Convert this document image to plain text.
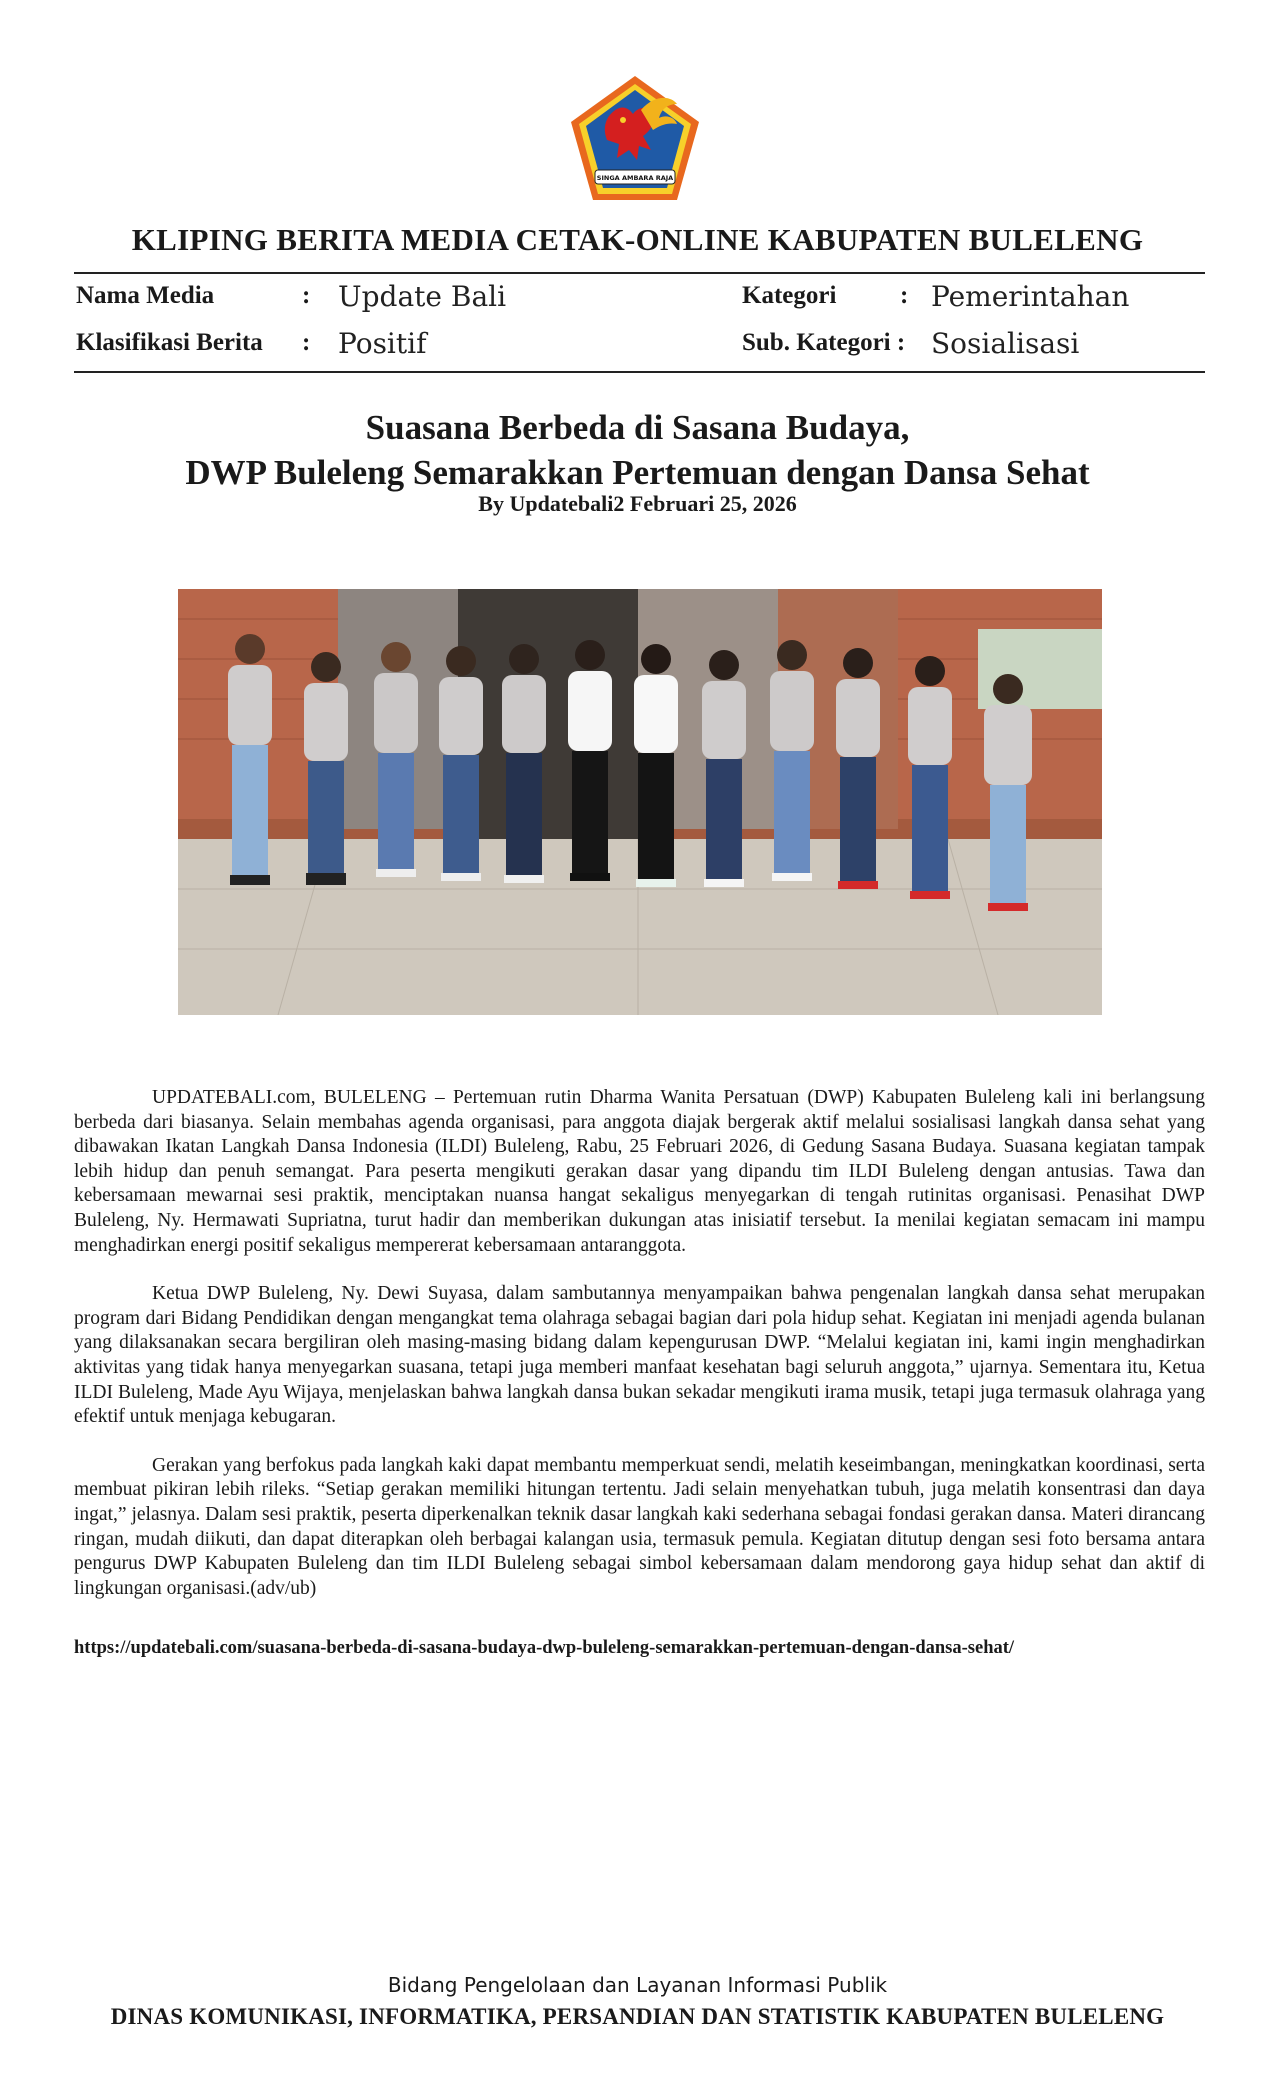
SINGA AMBARA RAJA
KLIPING BERITA MEDIA CETAK-ONLINE KABUPATEN BULELENG
Nama Media	: Update Bali
Klasifikasi Berita : Positif
Kategori	: Pemerintahan
Sub. Kategori : Sosialisasi
Suasana Berbeda di Sasana Budaya,
DWP Buleleng Semarakkan Pertemuan dengan Dansa Sehat
By Updatebali2 Februari 25, 2026

UPDATEBALI.com, BULELENG – Pertemuan rutin Dharma Wanita Persatuan (DWP) Kabupaten Buleleng kali ini berlangsung berbeda dari biasanya. Selain membahas agenda organisasi, para anggota diajak bergerak aktif melalui sosialisasi langkah dansa sehat yang dibawakan Ikatan Langkah Dansa Indonesia (ILDI) Buleleng, Rabu, 25 Februari 2026, di Gedung Sasana Budaya. Suasana kegiatan tampak lebih hidup dan penuh semangat. Para peserta mengikuti gerakan dasar yang dipandu tim ILDI Buleleng dengan antusias. Tawa dan kebersamaan mewarnai sesi praktik, menciptakan nuansa hangat sekaligus menyegarkan di tengah rutinitas organisasi. Penasihat DWP Buleleng, Ny. Hermawati Supriatna, turut hadir dan memberikan dukungan atas inisiatif tersebut. Ia menilai kegiatan semacam ini mampu menghadirkan energi positif sekaligus mempererat kebersamaan antaranggota.

Ketua DWP Buleleng, Ny. Dewi Suyasa, dalam sambutannya menyampaikan bahwa pengenalan langkah dansa sehat merupakan program dari Bidang Pendidikan dengan mengangkat tema olahraga sebagai bagian dari pola hidup sehat. Kegiatan ini menjadi agenda bulanan yang dilaksanakan secara bergiliran oleh masing-masing bidang dalam kepengurusan DWP. “Melalui kegiatan ini, kami ingin menghadirkan aktivitas yang tidak hanya menyegarkan suasana, tetapi juga memberi manfaat kesehatan bagi seluruh anggota,” ujarnya. Sementara itu, Ketua ILDI Buleleng, Made Ayu Wijaya, menjelaskan bahwa langkah dansa bukan sekadar mengikuti irama musik, tetapi juga termasuk olahraga yang efektif untuk menjaga kebugaran.

Gerakan yang berfokus pada langkah kaki dapat membantu memperkuat sendi, melatih keseimbangan, meningkatkan koordinasi, serta membuat pikiran lebih rileks. “Setiap gerakan memiliki hitungan tertentu. Jadi selain menyehatkan tubuh, juga melatih konsentrasi dan daya ingat,” jelasnya. Dalam sesi praktik, peserta diperkenalkan teknik dasar langkah kaki sederhana sebagai fondasi gerakan dansa. Materi dirancang ringan, mudah diikuti, dan dapat diterapkan oleh berbagai kalangan usia, termasuk pemula. Kegiatan ditutup dengan sesi foto bersama antara pengurus DWP Kabupaten Buleleng dan tim ILDI Buleleng sebagai simbol kebersamaan dalam mendorong gaya hidup sehat dan aktif di lingkungan organisasi.(adv/ub)

https://updatebali.com/suasana-berbeda-di-sasana-budaya-dwp-buleleng-semarakkan-pertemuan-dengan-dansa-sehat/
Bidang Pengelolaan dan Layanan Informasi Publik
DINAS KOMUNIKASI, INFORMATIKA, PERSANDIAN DAN STATISTIK KABUPATEN BULELENG
